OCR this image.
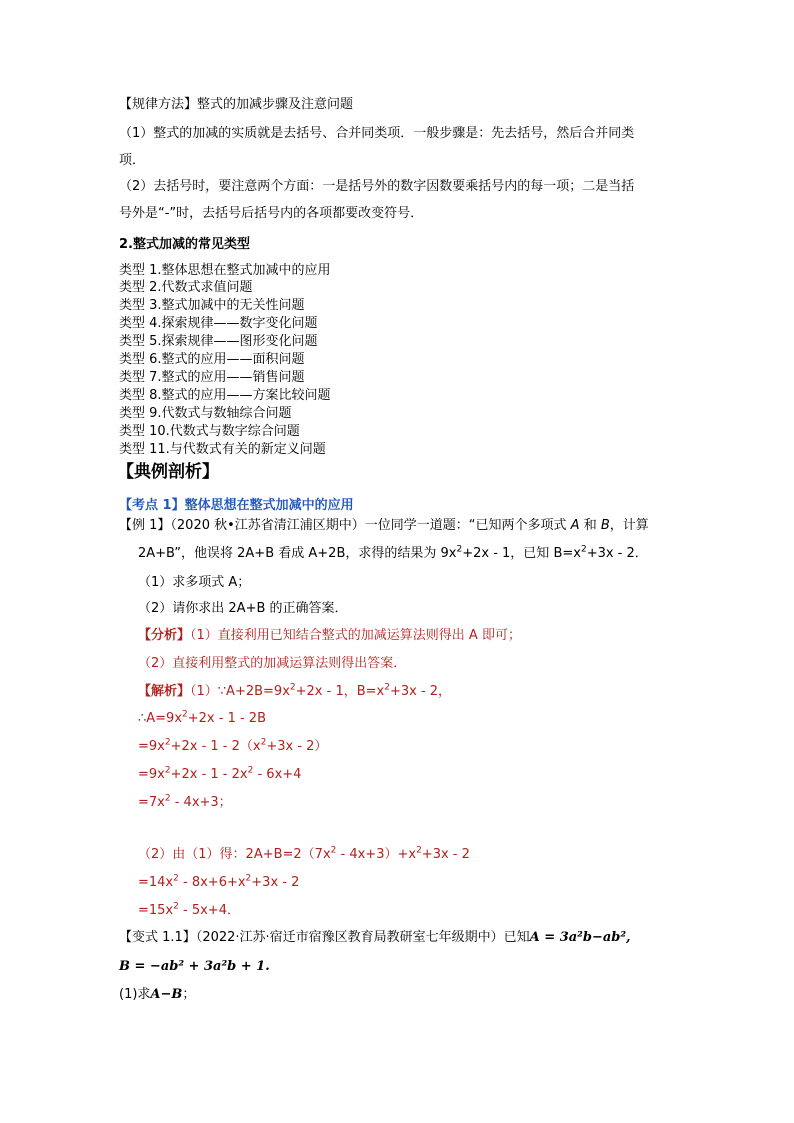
【规律方法】整式的加减步骤及注意问题
（1）整式的加减的实质就是去括号、合并同类项．一般步骤是：先去括号，然后合并同类
项．
（2）去括号时，要注意两个方面：一是括号外的数字因数要乘括号内的每一项；二是当括
号外是“-”时，去括号后括号内的各项都要改变符号．
2.整式加减的常见类型
类型 1.整体思想在整式加减中的应用
类型 2.代数式求值问题
类型 3.整式加减中的无关性问题
类型 4.探索规律——数字变化问题
类型 5.探索规律——图形变化问题
类型 6.整式的应用——面积问题
类型 7.整式的应用——销售问题
类型 8.整式的应用——方案比较问题
类型 9.代数式与数轴综合问题
类型 10.代数式与数字综合问题
类型 11.与代数式有关的新定义问题
【典例剖析】
【考点 1】整体思想在整式加减中的应用
【例 1】（2020 秋•江苏省清江浦区期中）一位同学一道题：“已知两个多项式 A 和 B，计算
2A+B”，他误将 2A+B 看成 A+2B，求得的结果为 $9x^2+2x - 1$，已知 $B=x^2+3x - 2$．
（1）求多项式 A；
（2）请你求出 2A+B 的正确答案．
【分析】（1）直接利用已知结合整式的加减运算法则得出 A 即可；
（2）直接利用整式的加减运算法则得出答案．
【解析】$(1)\because A+2B=9x^2+2x - 1$，$B=x^2+3x - 2$，
$\therefore A=9x^2+2x - 1 - 2B$
$=9x^2+2x - 1 - 2(x^2+3x - 2)$
$=9x^2+2x - 1 - 2x^2 - 6x+4$
$=7x^2 - 4x+3$；
（2）由（1）得：$2A+B=2(7x^2 - 4x+3)+x^2+3x - 2$
$=14x^2 - 8x+6+x^2+3x - 2$
$=15x^2 - 5x+4$．
【变式 1.1】（2022·江苏·宿迁市宿豫区教育局教研室七年级期中）已知A = 3a²b−ab²,
B = −ab² + 3a²b + 1.
(1)求A−B；
